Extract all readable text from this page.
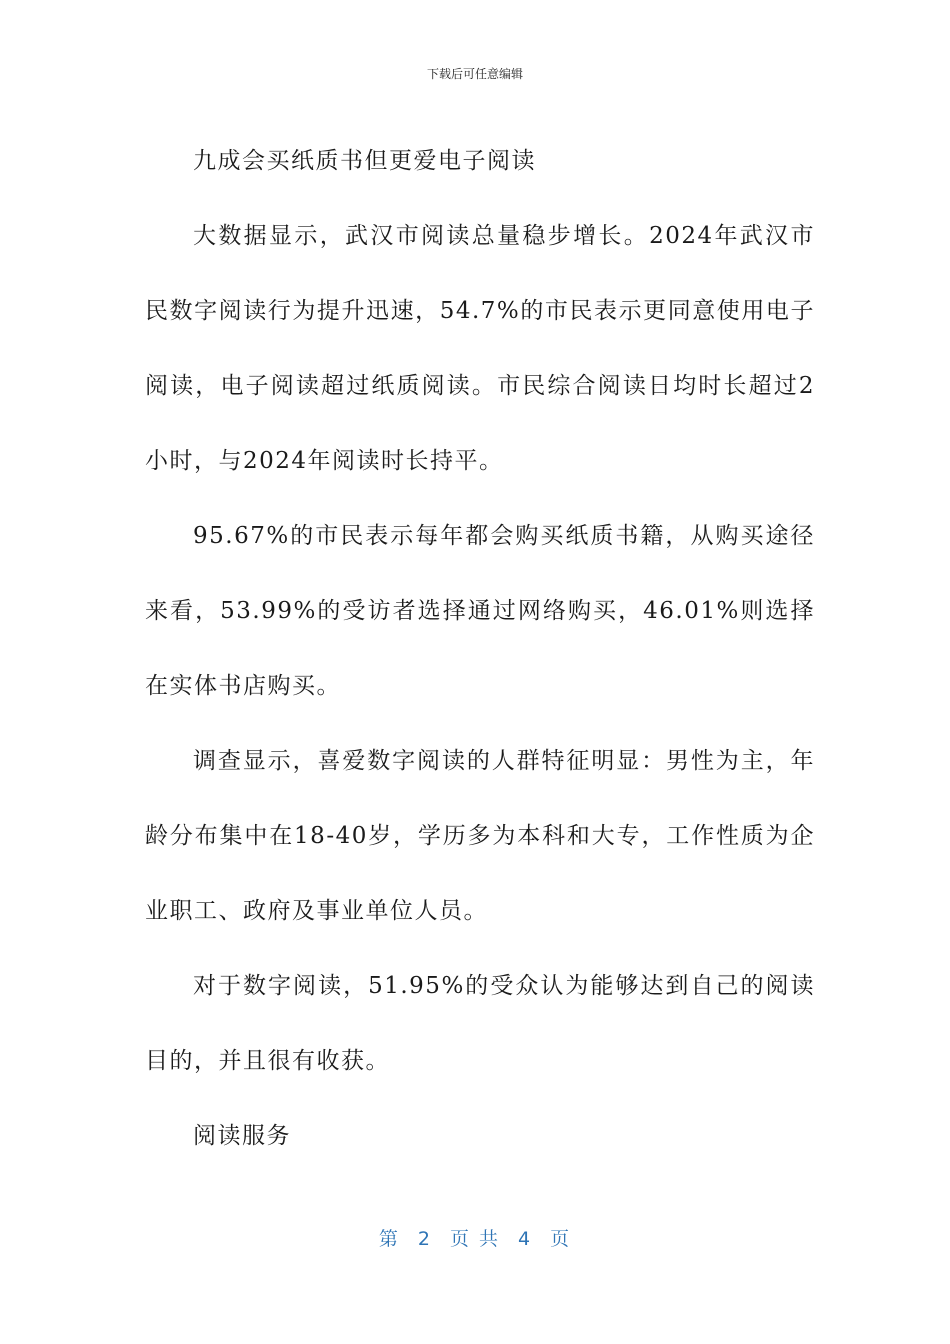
下载后可任意编辑

九成会买纸质书但更爱电子阅读

大数据显示，武汉市阅读总量稳步增长。2024年武汉市民数字阅读行为提升迅速，54.7%的市民表示更同意使用电子阅读，电子阅读超过纸质阅读。市民综合阅读日均时长超过2小时，与2024年阅读时长持平。

95.67%的市民表示每年都会购买纸质书籍，从购买途径来看，53.99%的受访者选择通过网络购买，46.01%则选择在实体书店购买。

调查显示，喜爱数字阅读的人群特征明显：男性为主，年龄分布集中在18-40岁，学历多为本科和大专，工作性质为企业职工、政府及事业单位人员。

对于数字阅读，51.95%的受众认为能够达到自己的阅读目的，并且很有收获。

阅读服务

第 2 页 共 4 页
